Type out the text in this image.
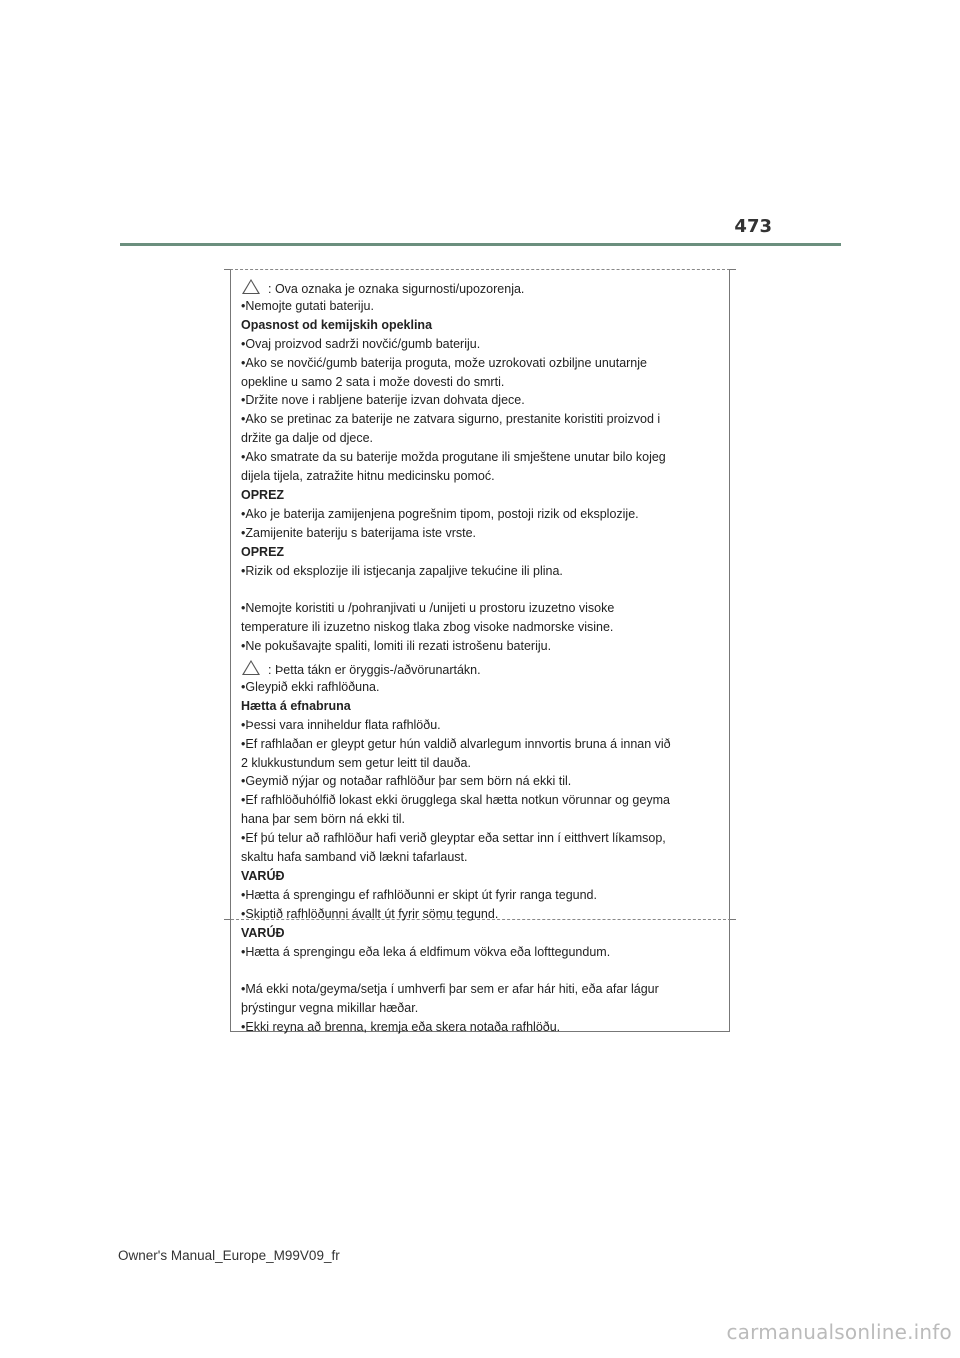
473
: Ova oznaka je oznaka sigurnosti/upozorenja.
•Nemojte gutati bateriju.
Opasnost od kemijskih opeklina
•Ovaj proizvod sadrži novčić/gumb bateriju.
•Ako se novčić/gumb baterija proguta, može uzrokovati ozbiljne unutarnje
opekline u samo 2 sata i može dovesti do smrti.
•Držite nove i rabljene baterije izvan dohvata djece.
•Ako se pretinac za baterije ne zatvara sigurno, prestanite koristiti proizvod i
držite ga dalje od djece.
•Ako smatrate da su baterije možda progutane ili smještene unutar bilo kojeg
dijela tijela, zatražite hitnu medicinsku pomoć.
OPREZ
•Ako je baterija zamijenjena pogrešnim tipom, postoji rizik od eksplozije.
•Zamijenite bateriju s baterijama iste vrste.
OPREZ
•Rizik od eksplozije ili istjecanja zapaljive tekućine ili plina.
•Nemojte koristiti u /pohranjivati u /unijeti u prostoru izuzetno visoke
temperature ili izuzetno niskog tlaka zbog visoke nadmorske visine.
•Ne pokušavajte spaliti, lomiti ili rezati istrošenu bateriju.
: Þetta tákn er öryggis-/aðvörunartákn.
•Gleypið ekki rafhlöðuna.
Hætta á efnabruna
•Þessi vara inniheldur flata rafhlöðu.
•Ef rafhlaðan er gleypt getur hún valdið alvarlegum innvortis bruna á innan við
2 klukkustundum sem getur leitt til dauða.
•Geymið nýjar og notaðar rafhlöður þar sem börn ná ekki til.
•Ef rafhlöðuhólfið lokast ekki örugglega skal hætta notkun vörunnar og geyma
hana þar sem börn ná ekki til.
•Ef þú telur að rafhlöður hafi verið gleyptar eða settar inn í eitthvert líkamsop,
skaltu hafa samband við lækni tafarlaust.
VARÚÐ
•Hætta á sprengingu ef rafhlöðunni er skipt út fyrir ranga tegund.
•Skiptið rafhlöðunni ávallt út fyrir sömu tegund.
VARÚÐ
•Hætta á sprengingu eða leka á eldfimum vökva eða lofttegundum.
•Má ekki nota/geyma/setja í umhverfi þar sem er afar hár hiti, eða afar lágur
þrýstingur vegna mikillar hæðar.
•Ekki reyna að brenna, kremja eða skera notaða rafhlöðu.
Owner's Manual_Europe_M99V09_fr
carmanualsonline.info
